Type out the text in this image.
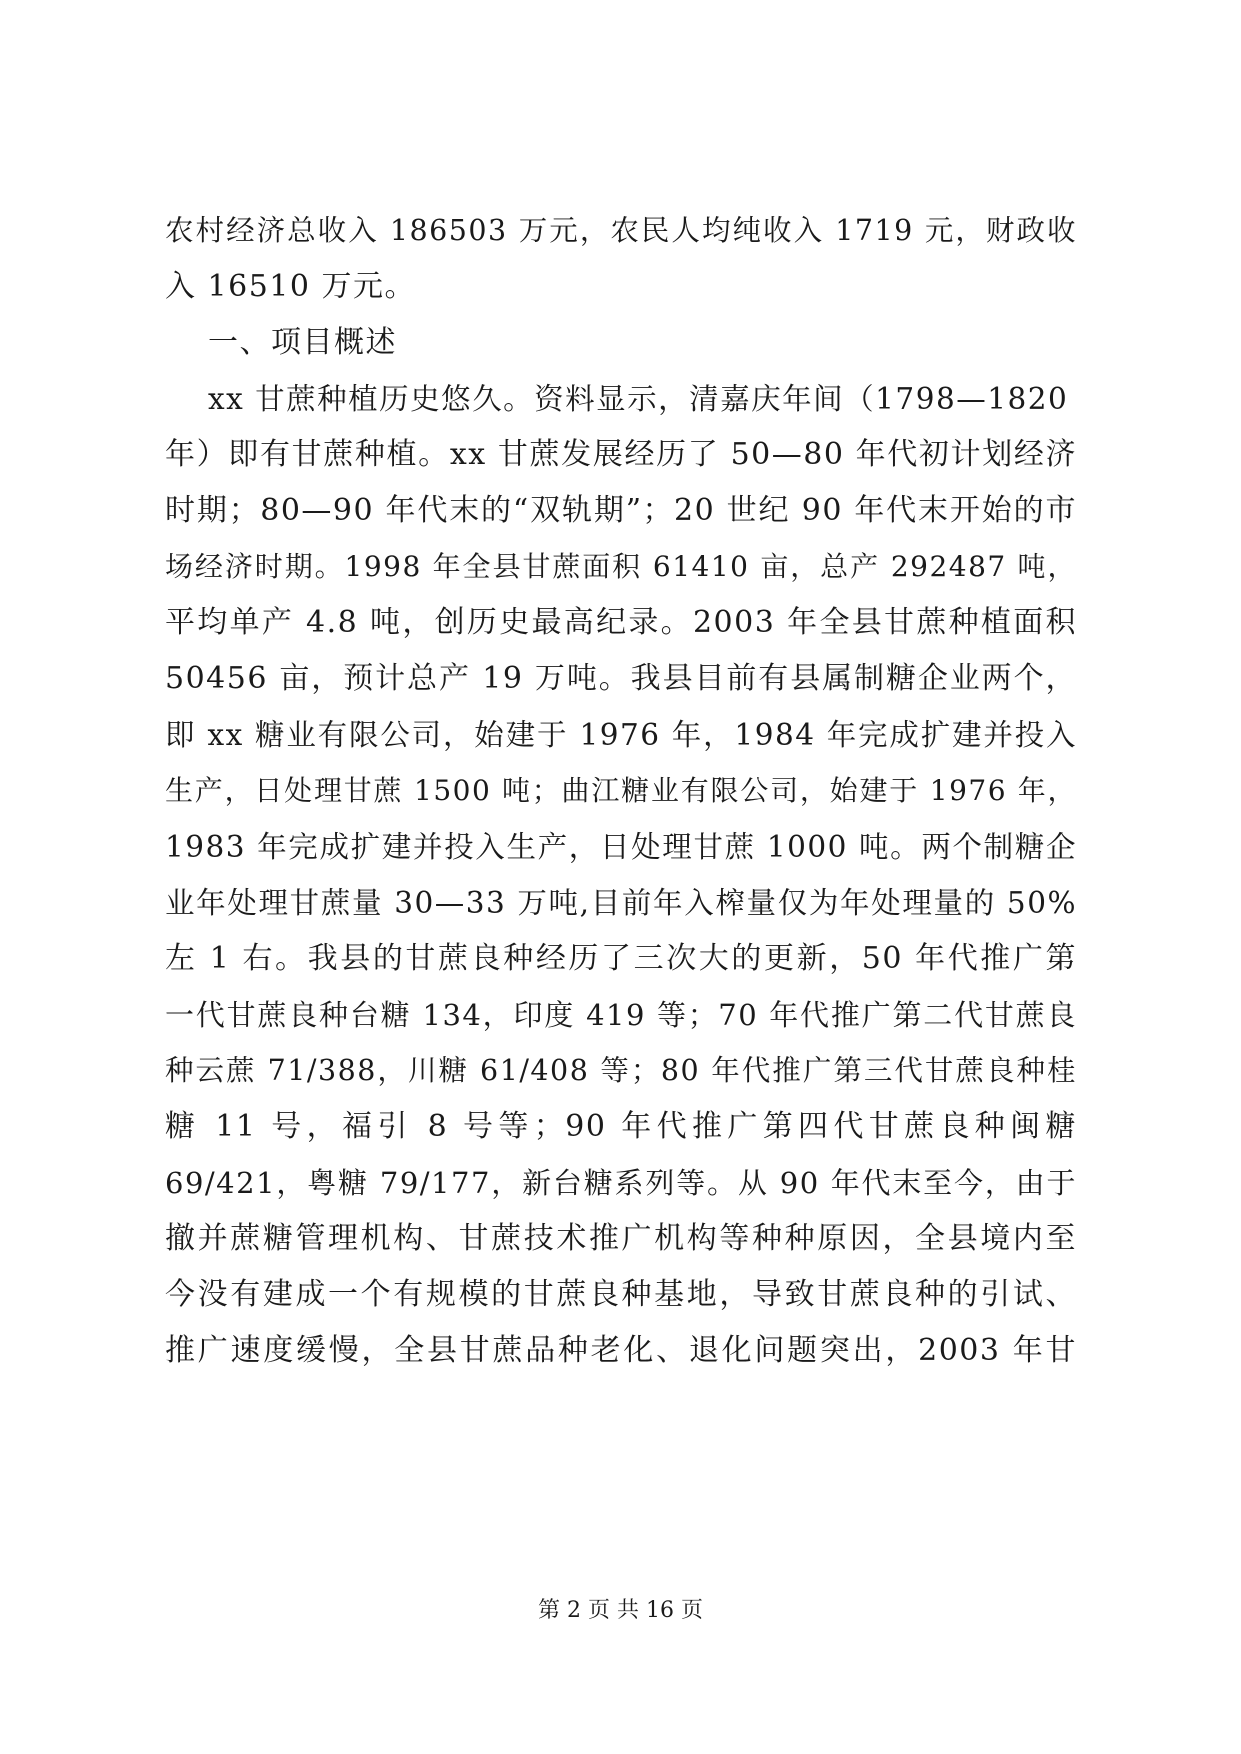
农村经济总收入 186503 万元，农民人均纯收入 1719 元，财政收
入 16510 万元。
一、项目概述
xx 甘蔗种植历史悠久。资料显示，清嘉庆年间（1798—1820
年）即有甘蔗种植。xx 甘蔗发展经历了 50—80 年代初计划经济
时期；80—90 年代末的“双轨期”；20 世纪 90 年代末开始的市
场经济时期。1998 年全县甘蔗面积 61410 亩，总产 292487 吨，
平均单产 4.8 吨，创历史最高纪录。2003 年全县甘蔗种植面积
50456 亩，预计总产 19 万吨。我县目前有县属制糖企业两个，
即 xx 糖业有限公司，始建于 1976 年，1984 年完成扩建并投入
生产，日处理甘蔗 1500 吨；曲江糖业有限公司，始建于 1976 年，
1983 年完成扩建并投入生产，日处理甘蔗 1000 吨。两个制糖企
业年处理甘蔗量 30—33 万吨,目前年入榨量仅为年处理量的 50%
左 1 右。我县的甘蔗良种经历了三次大的更新，50 年代推广第
一代甘蔗良种台糖 134，印度 419 等；70 年代推广第二代甘蔗良
种云蔗 71/388，川糖 61/408 等；80 年代推广第三代甘蔗良种桂
糖 11 号，福引 8 号等；90 年代推广第四代甘蔗良种闽糖
69/421，粤糖 79/177，新台糖系列等。从 90 年代末至今，由于
撤并蔗糖管理机构、甘蔗技术推广机构等种种原因，全县境内至
今没有建成一个有规模的甘蔗良种基地，导致甘蔗良种的引试、
推广速度缓慢，全县甘蔗品种老化、退化问题突出，2003 年甘
第 2 页 共 16 页
